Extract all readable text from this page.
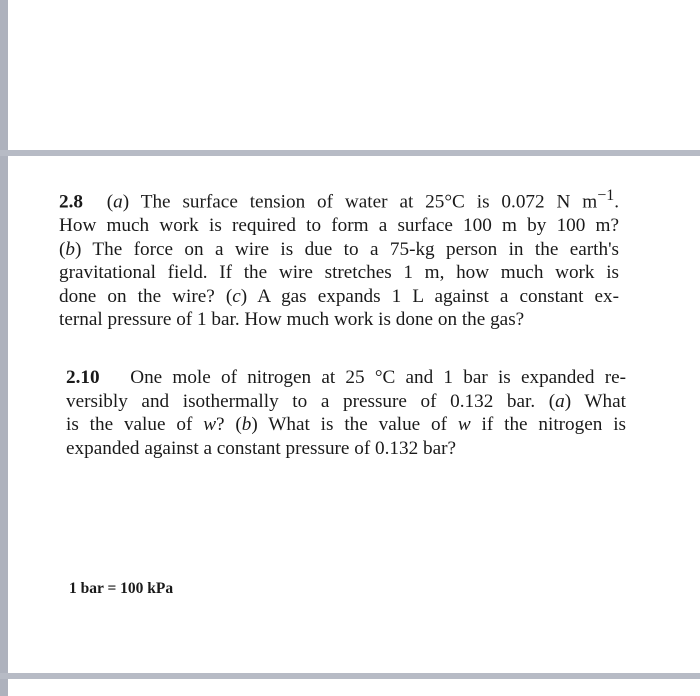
2.8 (a) The surface tension of water at 25°C is 0.072 N $m^{-1}$.
How much work is required to form a surface 100 m by 100 m?
(b) The force on a wire is due to a 75-kg person in the earth's
gravitational field. If the wire stretches 1 m, how much work is
done on the wire? (c) A gas expands 1 L against a constant ex-
ternal pressure of 1 bar. How much work is done on the gas?
2.10 One mole of nitrogen at 25 °C and 1 bar is expanded re-
versibly and isothermally to a pressure of 0.132 bar. (a) What
is the value of w? (b) What is the value of w if the nitrogen is
expanded against a constant pressure of 0.132 bar?

1 bar = 100 kPa
